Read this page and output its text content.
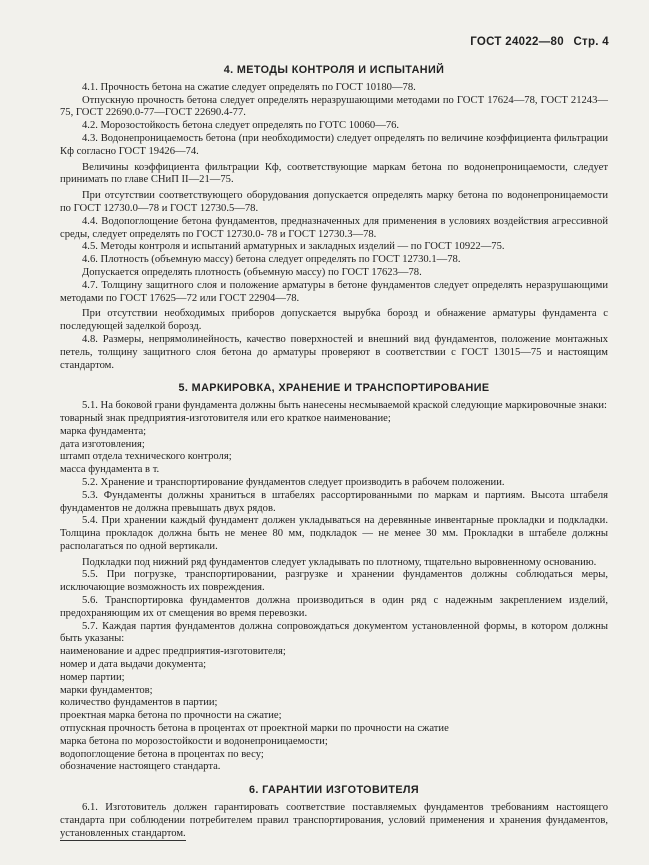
ГОСТ 24022—80 Стр. 4
4. МЕТОДЫ КОНТРОЛЯ И ИСПЫТАНИЙ

4.1. Прочность бетона на сжатие следует определять по ГОСТ 10180—78.

Отпускную прочность бетона следует определять неразрушающими методами по ГОСТ 17624—78, ГОСТ 21243—75, ГОСТ 22690.0-77—ГОСТ 22690.4-77.

4.2. Морозостойкость бетона следует определять по ГОТС 10060—76.

4.3. Водонепроницаемость бетона (при необходимости) следует определять по величине коэффициента фильтрации Кф согласно ГОСТ 19426—74.

Величины коэффициента фильтрации Кф, соответствующие маркам бетона по водонепроницаемости, следует принимать по главе СНиП II—21—75.

При отсутствии соответствующего оборудования допускается определять марку бетона по водонепроницаемости по ГОСТ 12730.0—78 и ГОСТ 12730.5—78.

4.4. Водопоглощение бетона фундаментов, предназначенных для применения в условиях воздействия агрессивной среды, следует определять по ГОСТ 12730.0- 78 и ГОСТ 12730.3—78.

4.5. Методы контроля и испытаний арматурных и закладных изделий — по ГОСТ 10922—75.

4.6. Плотность (объемную массу) бетона следует определять по ГОСТ 12730.1—78.

Допускается определять плотность (объемную массу) по ГОСТ 17623—78.

4.7. Толщину защитного слоя и положение арматуры в бетоне фундаментов следует определять неразрушающими методами по ГОСТ 17625—72 или ГОСТ 22904—78.

При отсутствии необходимых приборов допускается вырубка борозд и обнажение арматуры фундамента с последующей заделкой борозд.

4.8. Размеры, непрямолинейность, качество поверхностей и внешний вид фундаментов, положение монтажных петель, толщину защитного слоя бетона до арматуры проверяют в соответствии с ГОСТ 13015—75 и настоящим стандартом.

5. МАРКИРОВКА, ХРАНЕНИЕ И ТРАНСПОРТИРОВАНИЕ

5.1. На боковой грани фундамента должны быть нанесены несмываемой краской следующие маркировочные знаки:

товарный знак предприятия-изготовителя или его краткое наименование;

марка фундамента;

дата изготовления;

штамп отдела технического контроля;

масса фундамента в т.

5.2. Хранение и транспортирование фундаментов следует производить в рабочем положении.

5.3. Фундаменты должны храниться в штабелях рассортированными по маркам и партиям. Высота штабеля фундаментов не должна превышать двух рядов.

5.4. При хранении каждый фундамент должен укладываться на деревянные инвентарные прокладки и подкладки. Толщина прокладок должна быть не менее 80 мм, подкладок — не менее 30 мм. Прокладки в штабеле должны располагаться по одной вертикали.

Подкладки под нижний ряд фундаментов следует укладывать по плотному, тщательно выровненному основанию.

5.5. При погрузке, транспортировании, разгрузке и хранении фундаментов должны соблюдаться меры, исключающие возможность их повреждения.

5.6. Транспортировка фундаментов должна производиться в один ряд с надежным закреплением изделий, предохраняющим их от смещения во время перевозки.

5.7. Каждая партия фундаментов должна сопровождаться документом установленной формы, в котором должны быть указаны:

наименование и адрес предприятия-изготовителя;

номер и дата выдачи документа;

номер партии;

марки фундаментов;

количество фундаментов в партии;

проектная марка бетона по прочности на сжатие;

отпускная прочность бетона в процентах от проектной марки по прочности на сжатие

марка бетона по морозостойкости и водонепроницаемости;

водопоглощение бетона в процентах по весу;

обозначение настоящего стандарта.

6. ГАРАНТИИ ИЗГОТОВИТЕЛЯ

6.1. Изготовитель должен гарантировать соответствие поставляемых фундаментов требованиям настоящего стандарта при соблюдении потребителем правил транспортирования, условий применения и хранения фундаментов, установленных стандартом.
